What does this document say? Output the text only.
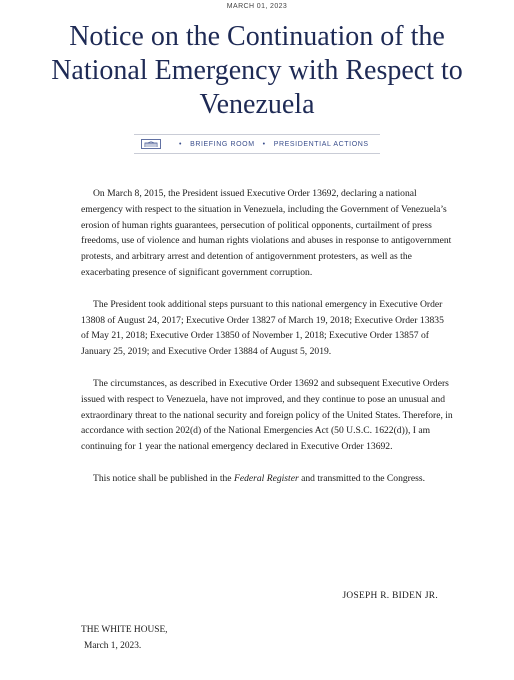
MARCH 01, 2023
Notice on the Continuation of the National Emergency with Respect to Venezuela
• BRIEFING ROOM • PRESIDENTIAL ACTIONS

On March 8, 2015, the President issued Executive Order 13692, declaring a national emergency with respect to the situation in Venezuela, including the Government of Venezuela’s erosion of human rights guarantees, persecution of political opponents, curtailment of press freedoms, use of violence and human rights violations and abuses in response to antigovernment protests, and arbitrary arrest and detention of antigovernment protesters, as well as the exacerbating presence of significant government corruption.

The President took additional steps pursuant to this national emergency in Executive Order 13808 of August 24, 2017; Executive Order 13827 of March 19, 2018; Executive Order 13835 of May 21, 2018; Executive Order 13850 of November 1, 2018; Executive Order 13857 of January 25, 2019; and Executive Order 13884 of August 5, 2019.

The circumstances, as described in Executive Order 13692 and subsequent Executive Orders issued with respect to Venezuela, have not improved, and they continue to pose an unusual and extraordinary threat to the national security and foreign policy of the United States. Therefore, in accordance with section 202(d) of the National Emergencies Act (50 U.S.C. 1622(d)), I am continuing for 1 year the national emergency declared in Executive Order 13692.

This notice shall be published in the Federal Register and transmitted to the Congress.

JOSEPH R. BIDEN JR.
THE WHITE HOUSE,
March 1, 2023.
